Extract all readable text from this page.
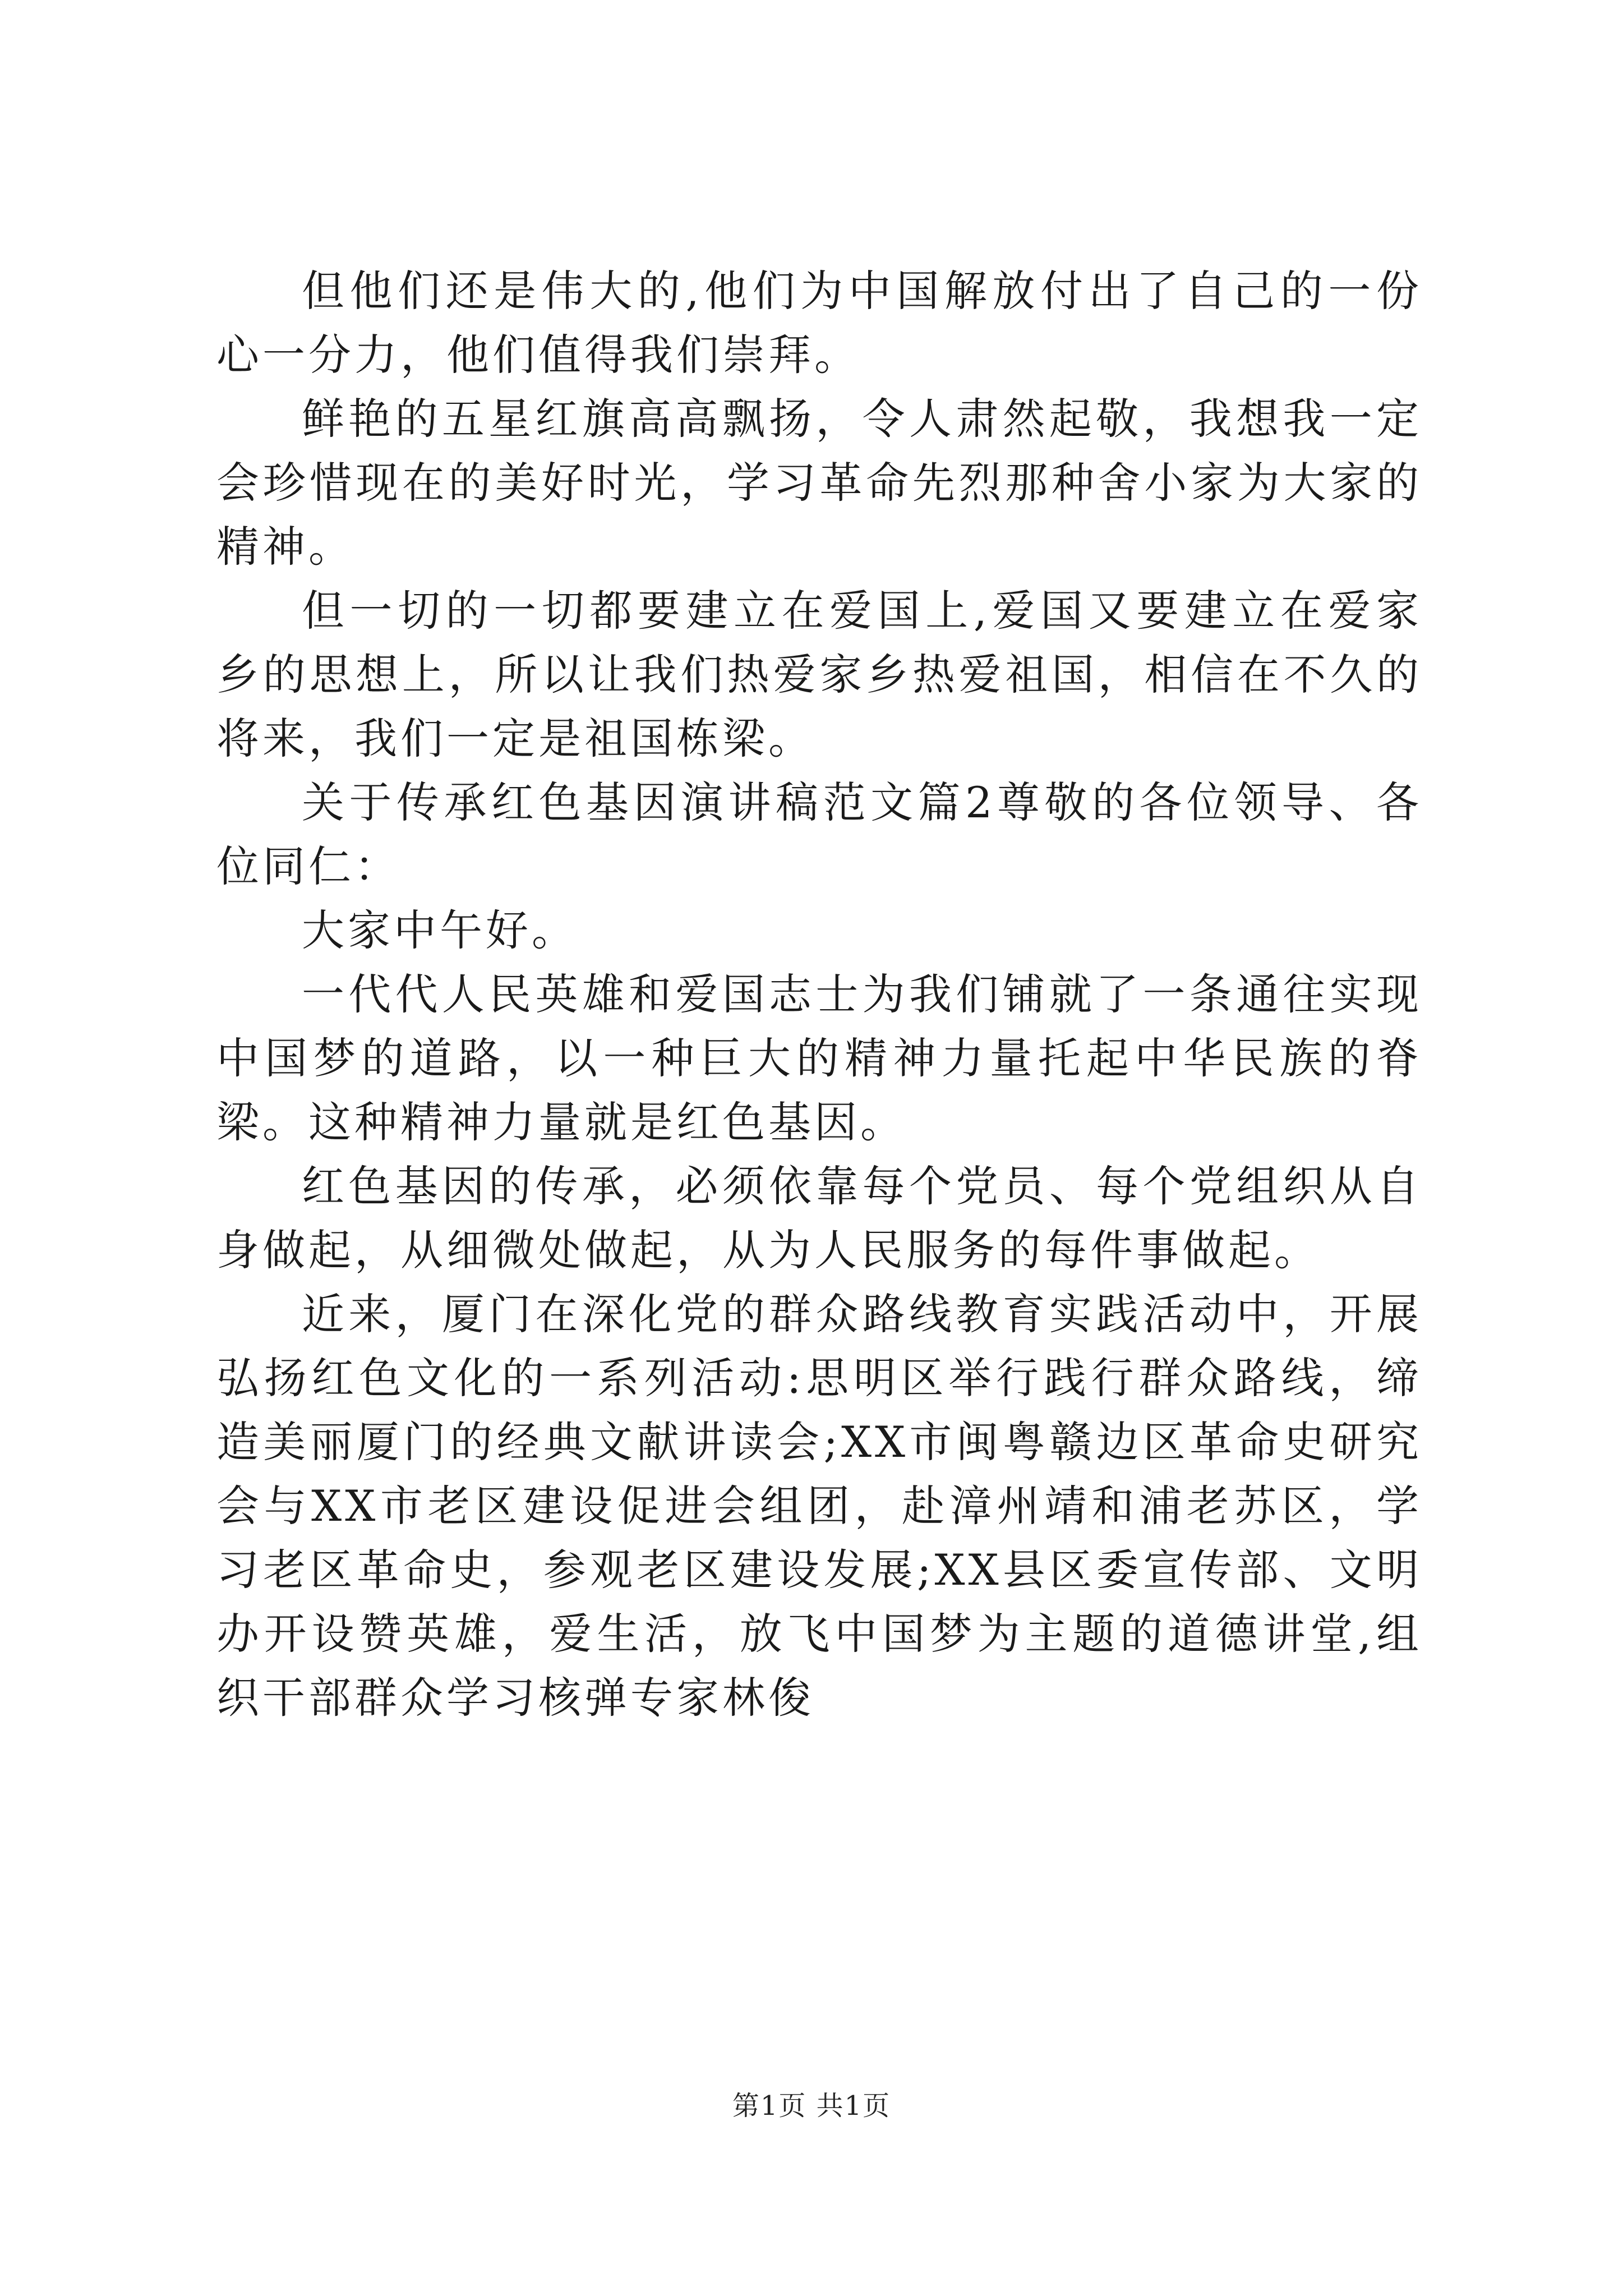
但他们还是伟大的,他们为中国解放付出了自己的一份心一分力，他们值得我们崇拜。

鲜艳的五星红旗高高飘扬，令人肃然起敬，我想我一定会珍惜现在的美好时光，学习革命先烈那种舍小家为大家的精神。

但一切的一切都要建立在爱国上,爱国又要建立在爱家乡的思想上，所以让我们热爱家乡热爱祖国，相信在不久的将来，我们一定是祖国栋梁。

关于传承红色基因演讲稿范文篇2尊敬的各位领导、各位同仁：

大家中午好。

一代代人民英雄和爱国志士为我们铺就了一条通往实现中国梦的道路，以一种巨大的精神力量托起中华民族的脊梁。这种精神力量就是红色基因。

红色基因的传承，必须依靠每个党员、每个党组织从自身做起，从细微处做起，从为人民服务的每件事做起。

近来，厦门在深化党的群众路线教育实践活动中，开展弘扬红色文化的一系列活动:思明区举行践行群众路线，缔造美丽厦门的经典文献讲读会;XX市闽粤赣边区革命史研究会与XX市老区建设促进会组团，赴漳州靖和浦老苏区，学习老区革命史，参观老区建设发展;XX县区委宣传部、文明办开设赞英雄，爱生活，放飞中国梦为主题的道德讲堂,组织干部群众学习核弹专家林俊

第1页 共1页
